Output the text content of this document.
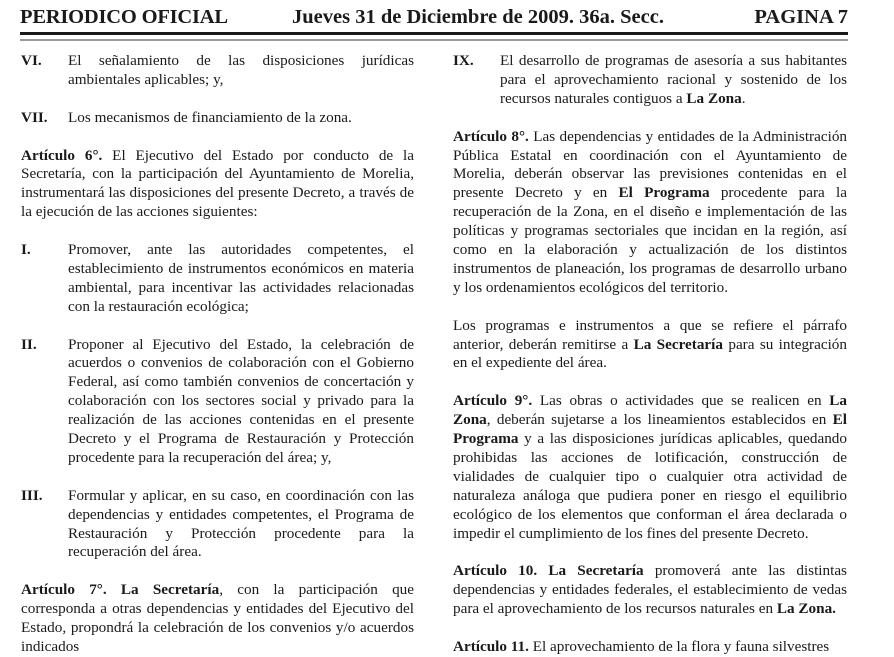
PERIODICO OFICIAL	Jueves 31 de Diciembre de 2009. 36a. Secc.	PAGINA 7
VI.	El señalamiento de las disposiciones jurídicas ambientales aplicables; y,
VII.	Los mecanismos de financiamiento de la zona.

Artículo 6°. El Ejecutivo del Estado por conducto de la Secretaría, con la participación del Ayuntamiento de Morelia, instrumentará las disposiciones del presente Decreto, a través de la ejecución de las acciones siguientes:

I.	Promover, ante las autoridades competentes, el establecimiento de instrumentos económicos en materia ambiental, para incentivar las actividades relacionadas con la restauración ecológica;
II.	Proponer al Ejecutivo del Estado, la celebración de acuerdos o convenios de colaboración con el Gobierno Federal, así como también convenios de concertación y colaboración con los sectores social y privado para la realización de las acciones contenidas en el presente Decreto y el Programa de Restauración y Protección procedente para la recuperación del área; y,
III.	Formular y aplicar, en su caso, en coordinación con las dependencias y entidades competentes, el Programa de Restauración y Protección procedente para la recuperación del área.

Artículo 7°. La Secretaría, con la participación que corresponda a otras dependencias y entidades del Ejecutivo del Estado, propondrá la celebración de los convenios y/o acuerdos indicados

IX.	El desarrollo de programas de asesoría a sus habitantes para el aprovechamiento racional y sostenido de los recursos naturales contiguos a La Zona.

Artículo 8°. Las dependencias y entidades de la Administración Pública Estatal en coordinación con el Ayuntamiento de Morelia, deberán observar las previsiones contenidas en el presente Decreto y en El Programa procedente para la recuperación de la Zona, en el diseño e implementación de las políticas y programas sectoriales que incidan en la región, así como en la elaboración y actualización de los distintos instrumentos de planeación, los programas de desarrollo urbano y los ordenamientos ecológicos del territorio.

Los programas e instrumentos a que se refiere el párrafo anterior, deberán remitirse a La Secretaría para su integración en el expediente del área.

Artículo 9°. Las obras o actividades que se realicen en La Zona, deberán sujetarse a los lineamientos establecidos en El Programa y a las disposiciones jurídicas aplicables, quedando prohibidas las acciones de lotificación, construcción de vialidades de cualquier tipo o cualquier otra actividad de naturaleza análoga que pudiera poner en riesgo el equilibrio ecológico de los elementos que conforman el área declarada o impedir el cumplimiento de los fines del presente Decreto.

Artículo 10. La Secretaría promoverá ante las distintas dependencias y entidades federales, el establecimiento de vedas para el aprovechamiento de los recursos naturales en La Zona.

Artículo 11. El aprovechamiento de la flora y fauna silvestres
